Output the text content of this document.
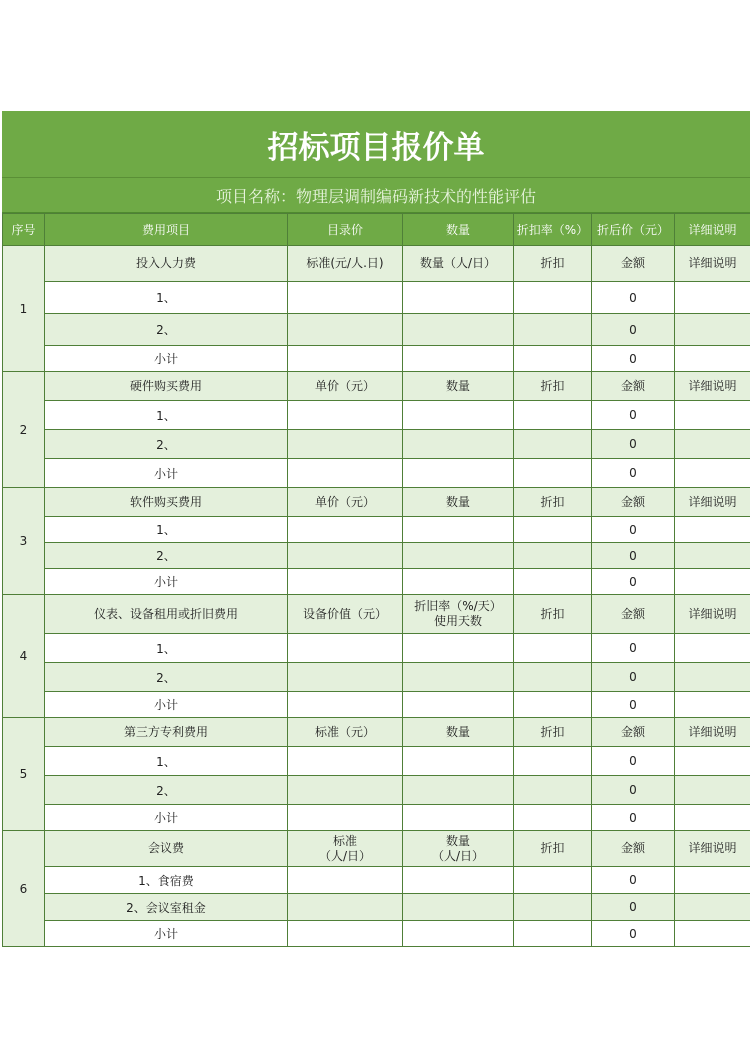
招标项目报价单
项目名称：物理层调制编码新技术的性能评估
序号	费用项目	目录价	数量	折扣率（%）	折后价（元）	详细说明
1	投入人力费	标准(元/人.日)	数量（人/日）	折扣	金额	详细说明
	1、				0	
	2、				0	
	小计				0	
2	硬件购买费用	单价（元）	数量	折扣	金额	详细说明
	1、				0	
	2、				0	
	小计				0	
3	软件购买费用	单价（元）	数量	折扣	金额	详细说明
	1、				0	
	2、				0	
	小计				0	
4	仪表、设备租用或折旧费用	设备价值（元）	折旧率（%/天）
使用天数	折扣	金额	详细说明
	1、				0	
	2、				0	
	小计				0	
5	第三方专利费用	标准（元）	数量	折扣	金额	详细说明
	1、				0	
	2、				0	
	小计				0	
6	会议费	标准
（人/日）	数量
（人/日）	折扣	金额	详细说明
	1、食宿费				0	
	2、会议室租金				0	
	小计				0	
